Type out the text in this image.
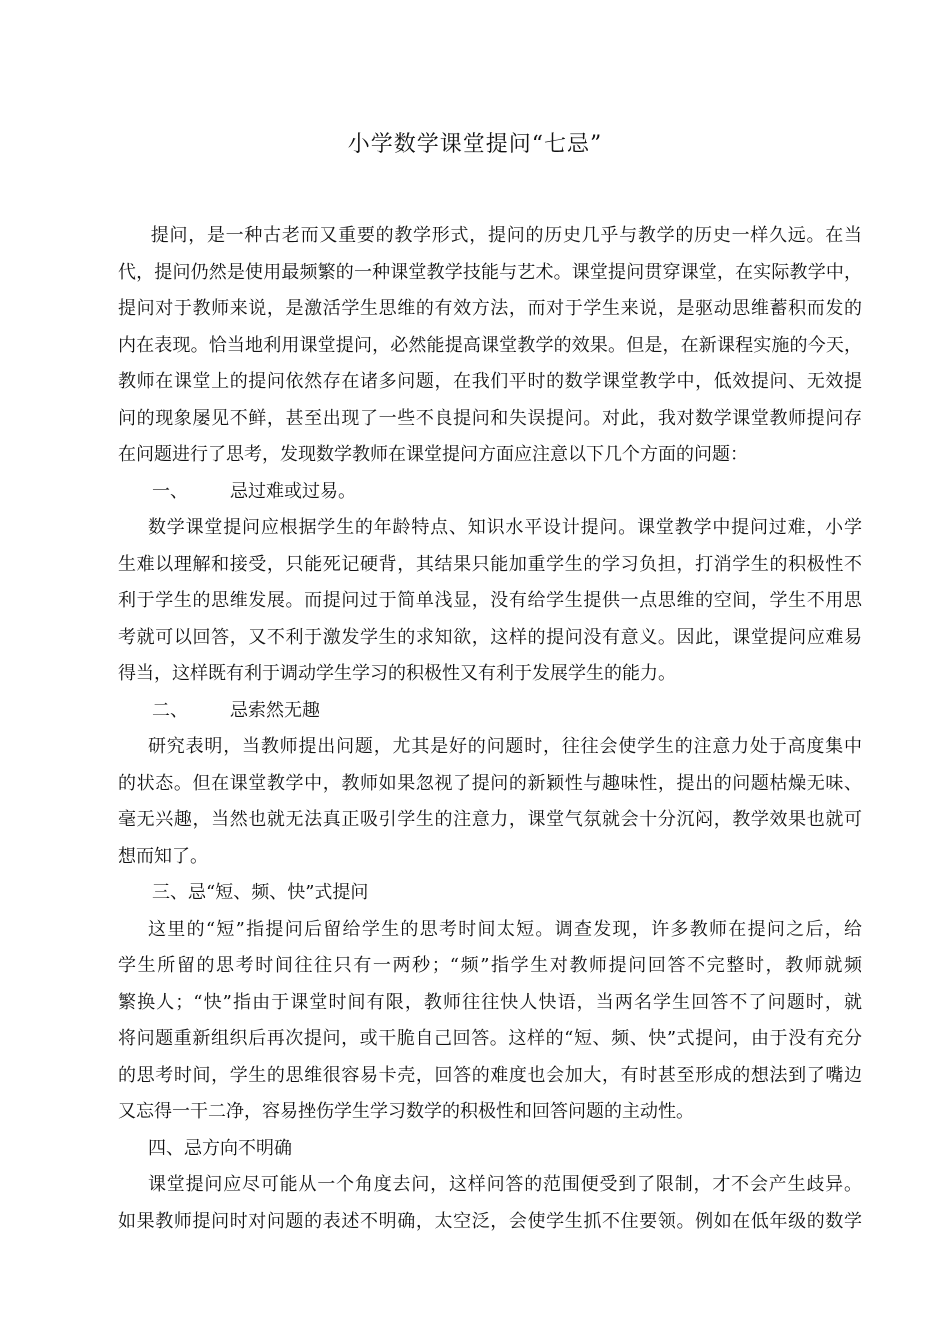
小学数学课堂提问“七忌”
　提问，是一种古老而又重要的教学形式，提问的历史几乎与教学的历史一样久远。在当
代，提问仍然是使用最频繁的一种课堂教学技能与艺术。课堂提问贯穿课堂，在实际教学中，
提问对于教师来说，是激活学生思维的有效方法，而对于学生来说，是驱动思维蓄积而发的
内在表现。恰当地利用课堂提问，必然能提高课堂教学的效果。但是，在新课程实施的今天，
教师在课堂上的提问依然存在诸多问题，在我们平时的数学课堂教学中，低效提问、无效提
问的现象屡见不鲜，甚至出现了一些不良提问和失误提问。对此，我对数学课堂教师提问存
在问题进行了思考，发现数学教师在课堂提问方面应注意以下几个方面的问题：
一、 忌过难或过易。
数学课堂提问应根据学生的年龄特点、知识水平设计提问。课堂教学中提问过难，小学
生难以理解和接受，只能死记硬背，其结果只能加重学生的学习负担，打消学生的积极性不
利于学生的思维发展。而提问过于简单浅显，没有给学生提供一点思维的空间，学生不用思
考就可以回答，又不利于激发学生的求知欲，这样的提问没有意义。因此，课堂提问应难易
得当，这样既有利于调动学生学习的积极性又有利于发展学生的能力。
二、 忌索然无趣
研究表明，当教师提出问题，尤其是好的问题时，往往会使学生的注意力处于高度集中
的状态。但在课堂教学中，教师如果忽视了提问的新颖性与趣味性，提出的问题枯燥无味、
毫无兴趣，当然也就无法真正吸引学生的注意力，课堂气氛就会十分沉闷，教学效果也就可
想而知了。
三、忌“短、频、快”式提问
这里的“短”指提问后留给学生的思考时间太短。调查发现，许多教师在提问之后，给
学生所留的思考时间往往只有一两秒；“频”指学生对教师提问回答不完整时，教师就频
繁换人；“快”指由于课堂时间有限，教师往往快人快语，当两名学生回答不了问题时，就
将问题重新组织后再次提问，或干脆自己回答。这样的“短、频、快”式提问，由于没有充分
的思考时间，学生的思维很容易卡壳，回答的难度也会加大，有时甚至形成的想法到了嘴边
又忘得一干二净，容易挫伤学生学习数学的积极性和回答问题的主动性。
四、忌方向不明确
课堂提问应尽可能从一个角度去问，这样问答的范围便受到了限制，才不会产生歧异。
如果教师提问时对问题的表述不明确，太空泛，会使学生抓不住要领。例如在低年级的数学
